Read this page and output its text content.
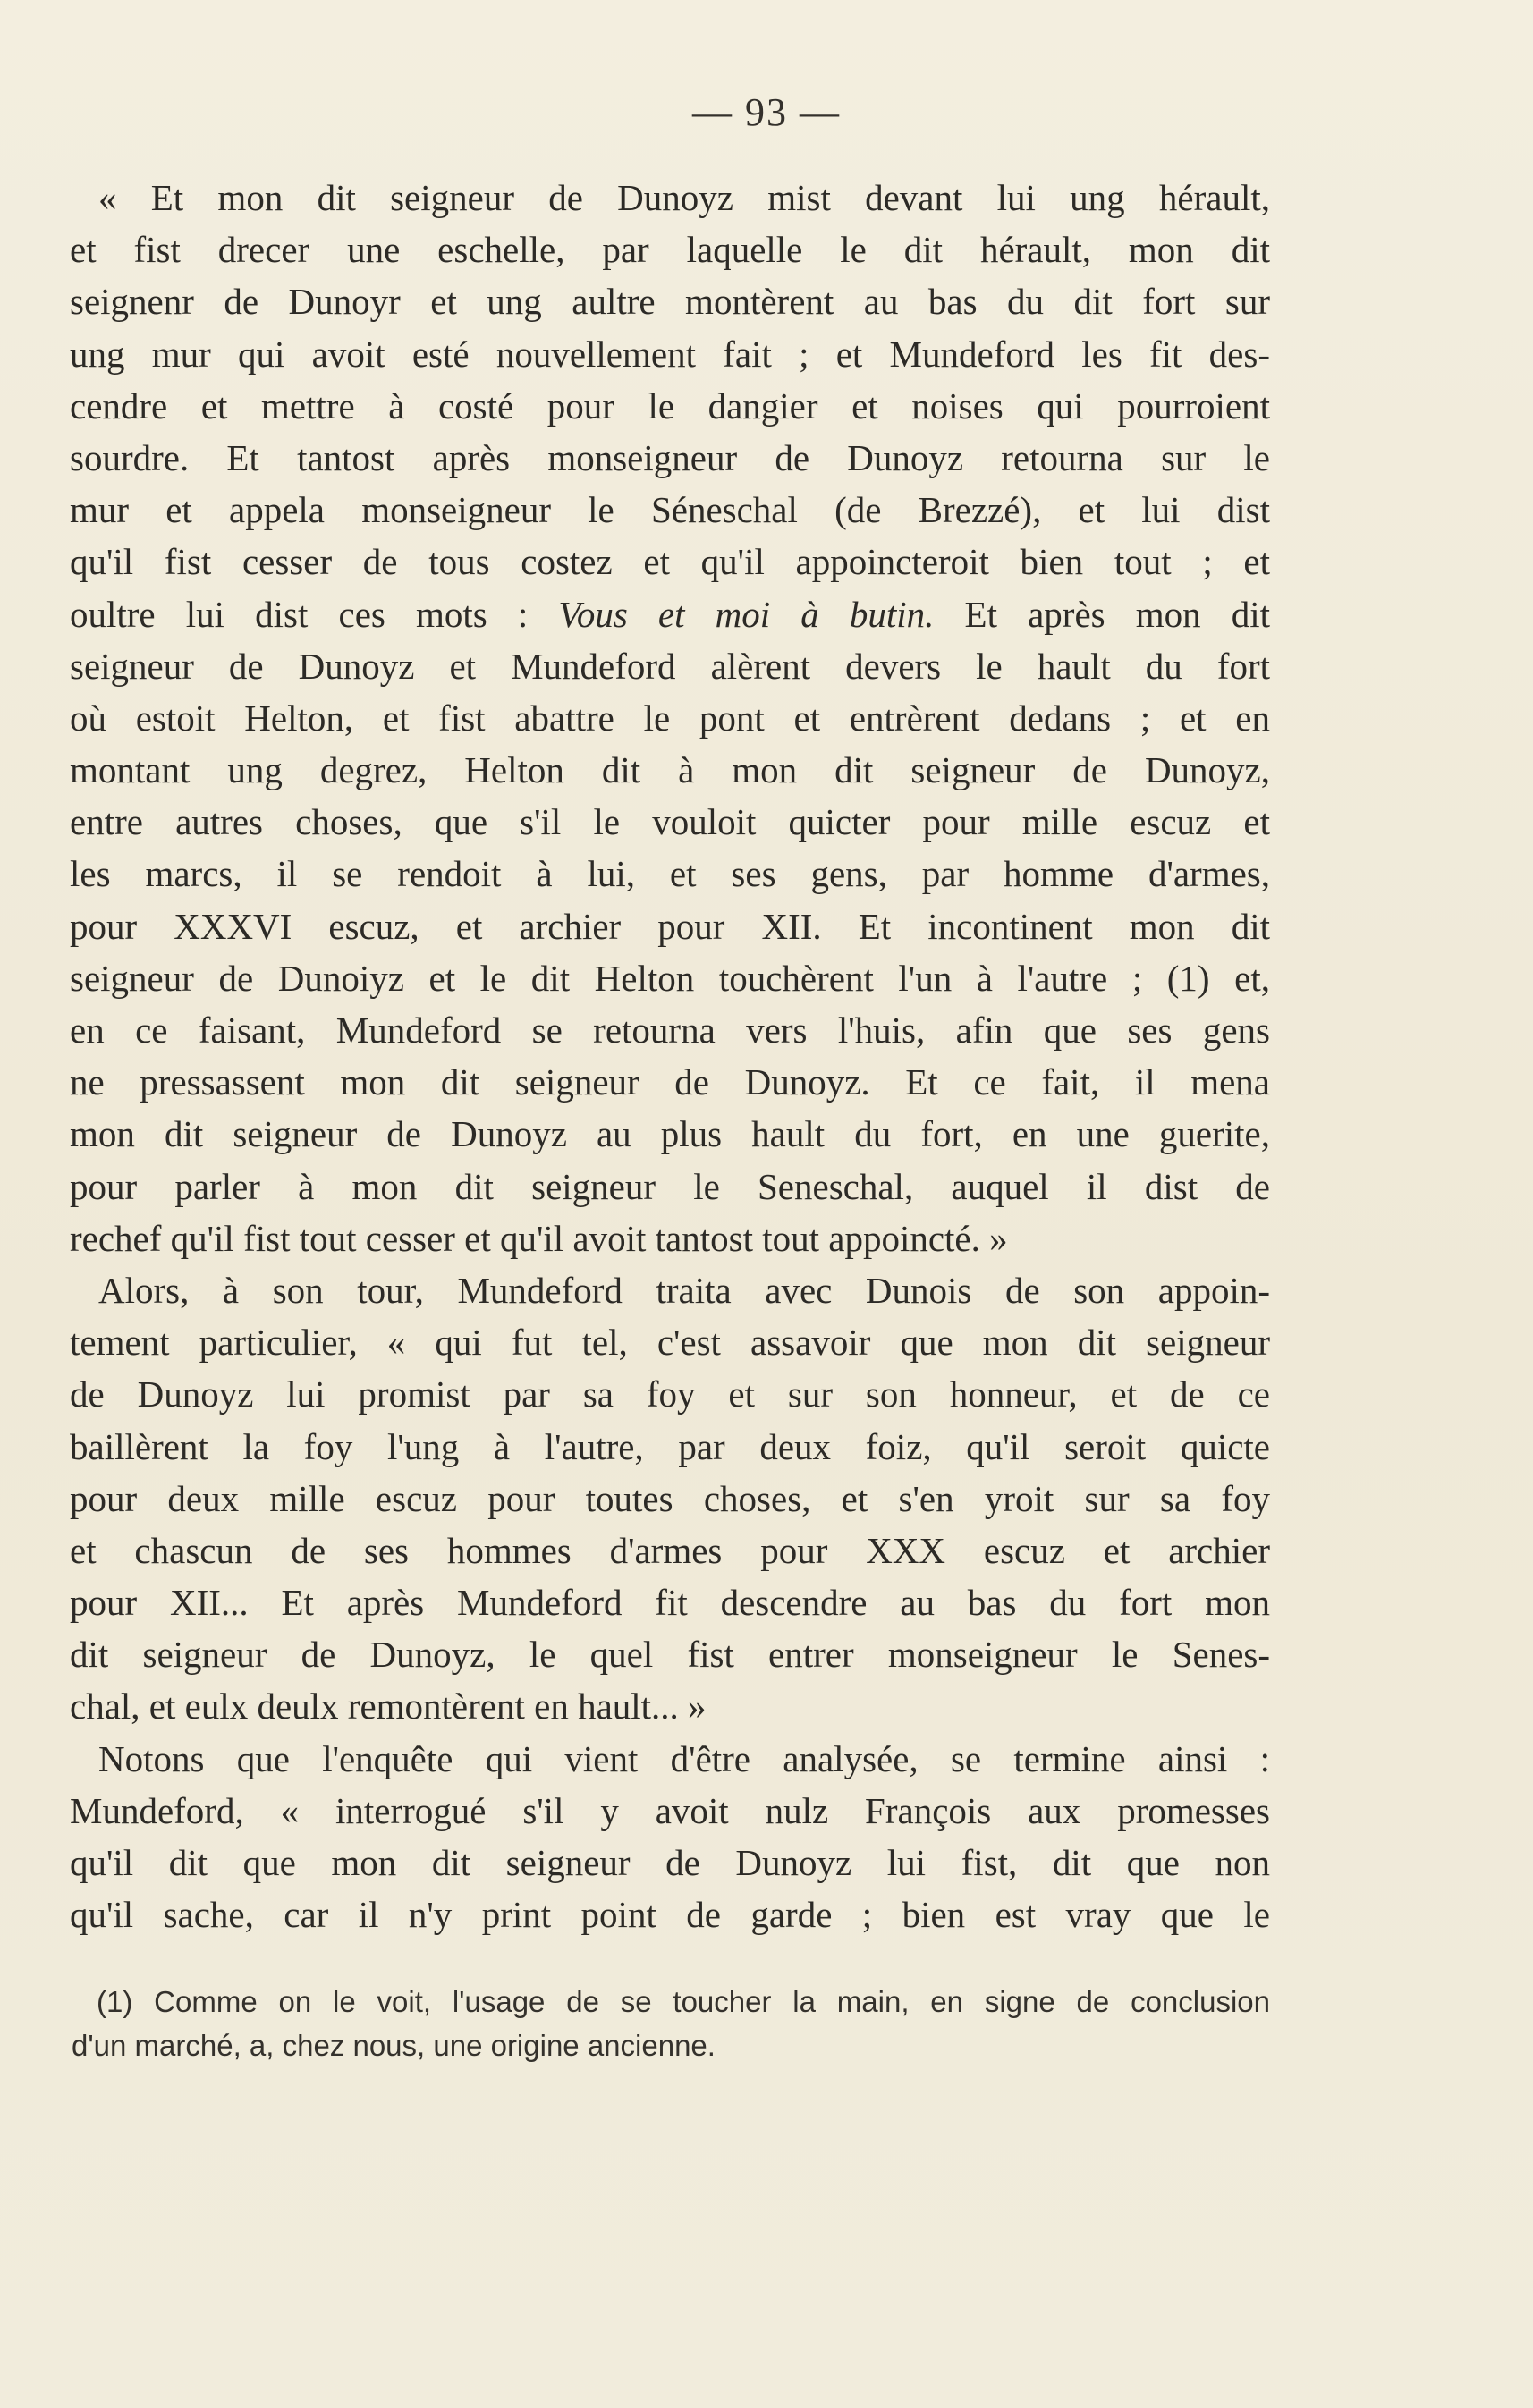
— 93 —
« Et mon dit seigneur de Dunoyz mist devant lui ung hérault,
et fist drecer une eschelle, par laquelle le dit hérault, mon dit
seignenr de Dunoyr et ung aultre montèrent au bas du dit fort sur
ung mur qui avoit esté nouvellement fait ; et Mundeford les fit des-
cendre et mettre à costé pour le dangier et noises qui pourroient
sourdre. Et tantost après monseigneur de Dunoyz retourna sur le
mur et appela monseigneur le Séneschal (de Brezzé), et lui dist
qu'il fist cesser de tous costez et qu'il appoincteroit bien tout ; et
oultre lui dist ces mots : Vous et moi à butin. Et après mon dit
seigneur de Dunoyz et Mundeford alèrent devers le hault du fort
où estoit Helton, et fist abattre le pont et entrèrent dedans ; et en
montant ung degrez, Helton dit à mon dit seigneur de Dunoyz,
entre autres choses, que s'il le vouloit quicter pour mille escuz et
les marcs, il se rendoit à lui, et ses gens, par homme d'armes,
pour XXXVI escuz, et archier pour XII. Et incontinent mon dit
seigneur de Dunoiyz et le dit Helton touchèrent l'un à l'autre ; (1) et,
en ce faisant, Mundeford se retourna vers l'huis, afin que ses gens
ne pressassent mon dit seigneur de Dunoyz. Et ce fait, il mena
mon dit seigneur de Dunoyz au plus hault du fort, en une guerite,
pour parler à mon dit seigneur le Seneschal, auquel il dist de
rechef qu'il fist tout cesser et qu'il avoit tantost tout appoincté. »
Alors, à son tour, Mundeford traita avec Dunois de son appoin-
tement particulier, « qui fut tel, c'est assavoir que mon dit seigneur
de Dunoyz lui promist par sa foy et sur son honneur, et de ce
baillèrent la foy l'ung à l'autre, par deux foiz, qu'il seroit quicte
pour deux mille escuz pour toutes choses, et s'en yroit sur sa foy
et chascun de ses hommes d'armes pour XXX escuz et archier
pour XII... Et après Mundeford fit descendre au bas du fort mon
dit seigneur de Dunoyz, le quel fist entrer monseigneur le Senes-
chal, et eulx deulx remontèrent en hault... »
Notons que l'enquête qui vient d'être analysée, se termine ainsi :
Mundeford, « interrogué s'il y avoit nulz François aux promesses
qu'il dit que mon dit seigneur de Dunoyz lui fist, dit que non
qu'il sache, car il n'y print point de garde ; bien est vray que le
(1) Comme on le voit, l'usage de se toucher la main, en signe de conclusion
d'un marché, a, chez nous, une origine ancienne.
